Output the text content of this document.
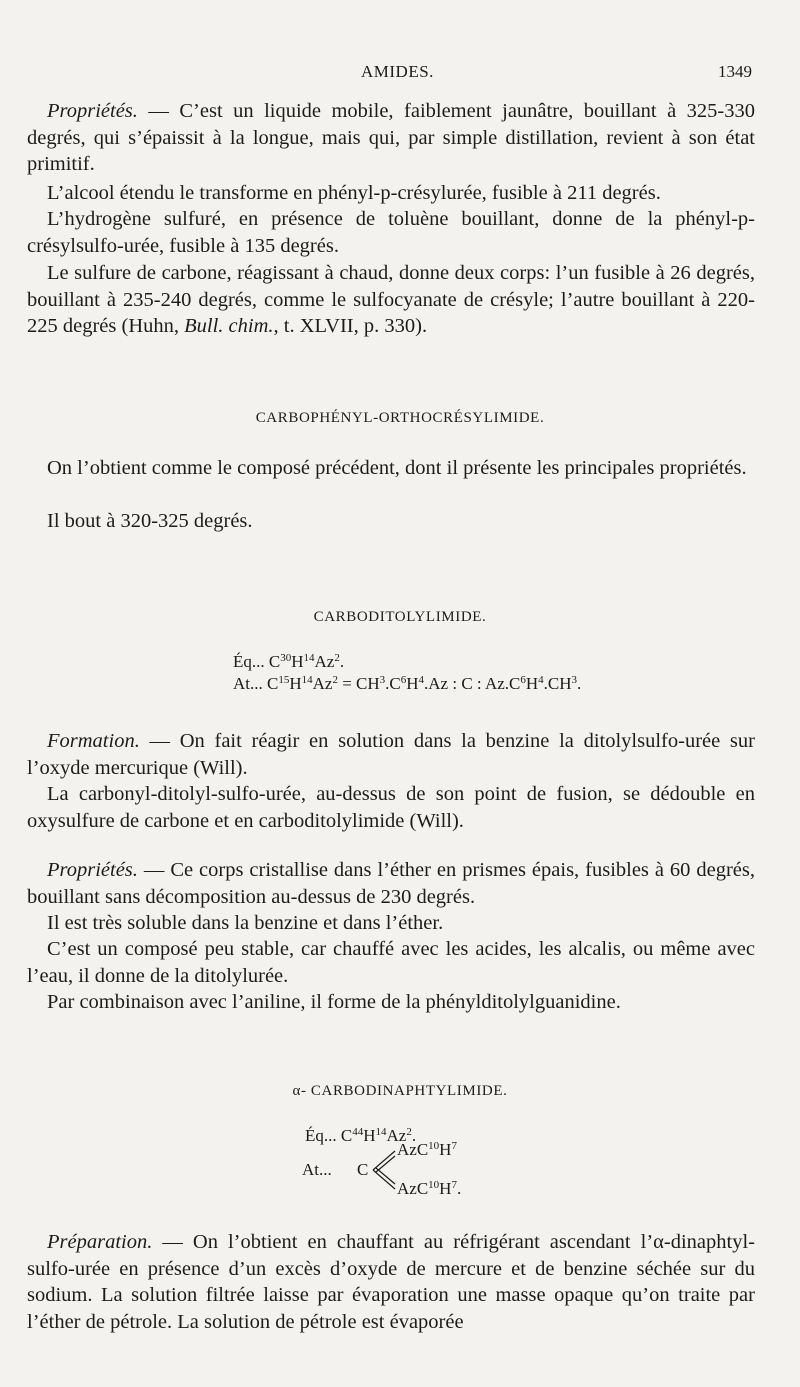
AMIDES.	1349

Propriétés. — C’est un liquide mobile, faiblement jaunâtre, bouillant à 325-330 degrés, qui s’épaissit à la longue, mais qui, par simple distillation, revient à son état primitif.

L’alcool étendu le transforme en phényl-p-crésylurée, fusible à 211 degrés.

L’hydrogène sulfuré, en présence de toluène bouillant, donne de la phényl-p-crésylsulfo-urée, fusible à 135 degrés.

Le sulfure de carbone, réagissant à chaud, donne deux corps: l’un fusible à 26 degrés, bouillant à 235-240 degrés, comme le sulfocyanate de crésyle; l’autre bouillant à 220-225 degrés (Huhn, Bull. chim., t. XLVII, p. 330).

CARBOPHÉNYL-ORTHOCRÉSYLIMIDE.

On l’obtient comme le composé précédent, dont il présente les principales propriétés.

Il bout à 320-325 degrés.

CARBODITOLYLIMIDE.

Éq... $C^{30}H^{14}Az^2$.
At... $C^{15}H^{14}Az^2 = CH^3.C^6H^4.Az$ : C : $Az.C^6H^4.CH^3$.

Formation. — On fait réagir en solution dans la benzine la ditolylsulfo-urée sur l’oxyde mercurique (Will).

La carbonyl-ditolyl-sulfo-urée, au-dessus de son point de fusion, se dédouble en oxysulfure de carbone et en carboditolylimide (Will).

Propriétés. — Ce corps cristallise dans l’éther en prismes épais, fusibles à 60 degrés, bouillant sans décomposition au-dessus de 230 degrés.

Il est très soluble dans la benzine et dans l’éther.

C’est un composé peu stable, car chauffé avec les acides, les alcalis, ou même avec l’eau, il donne de la ditolylurée.

Par combinaison avec l’aniline, il forme de la phénylditolylguanidine.

α- CARBODINAPHTYLIMIDE.

Éq... $C^{44}H^{14}Az^2$.
At... C
$AzC^{10}H^7$
$AzC^{10}H^7$.

Préparation. — On l’obtient en chauffant au réfrigérant ascendant l’α-dinaphtyl-sulfo-urée en présence d’un excès d’oxyde de mercure et de benzine séchée sur du sodium. La solution filtrée laisse par évaporation une masse opaque qu’on traite par l’éther de pétrole. La solution de pétrole est évaporée
